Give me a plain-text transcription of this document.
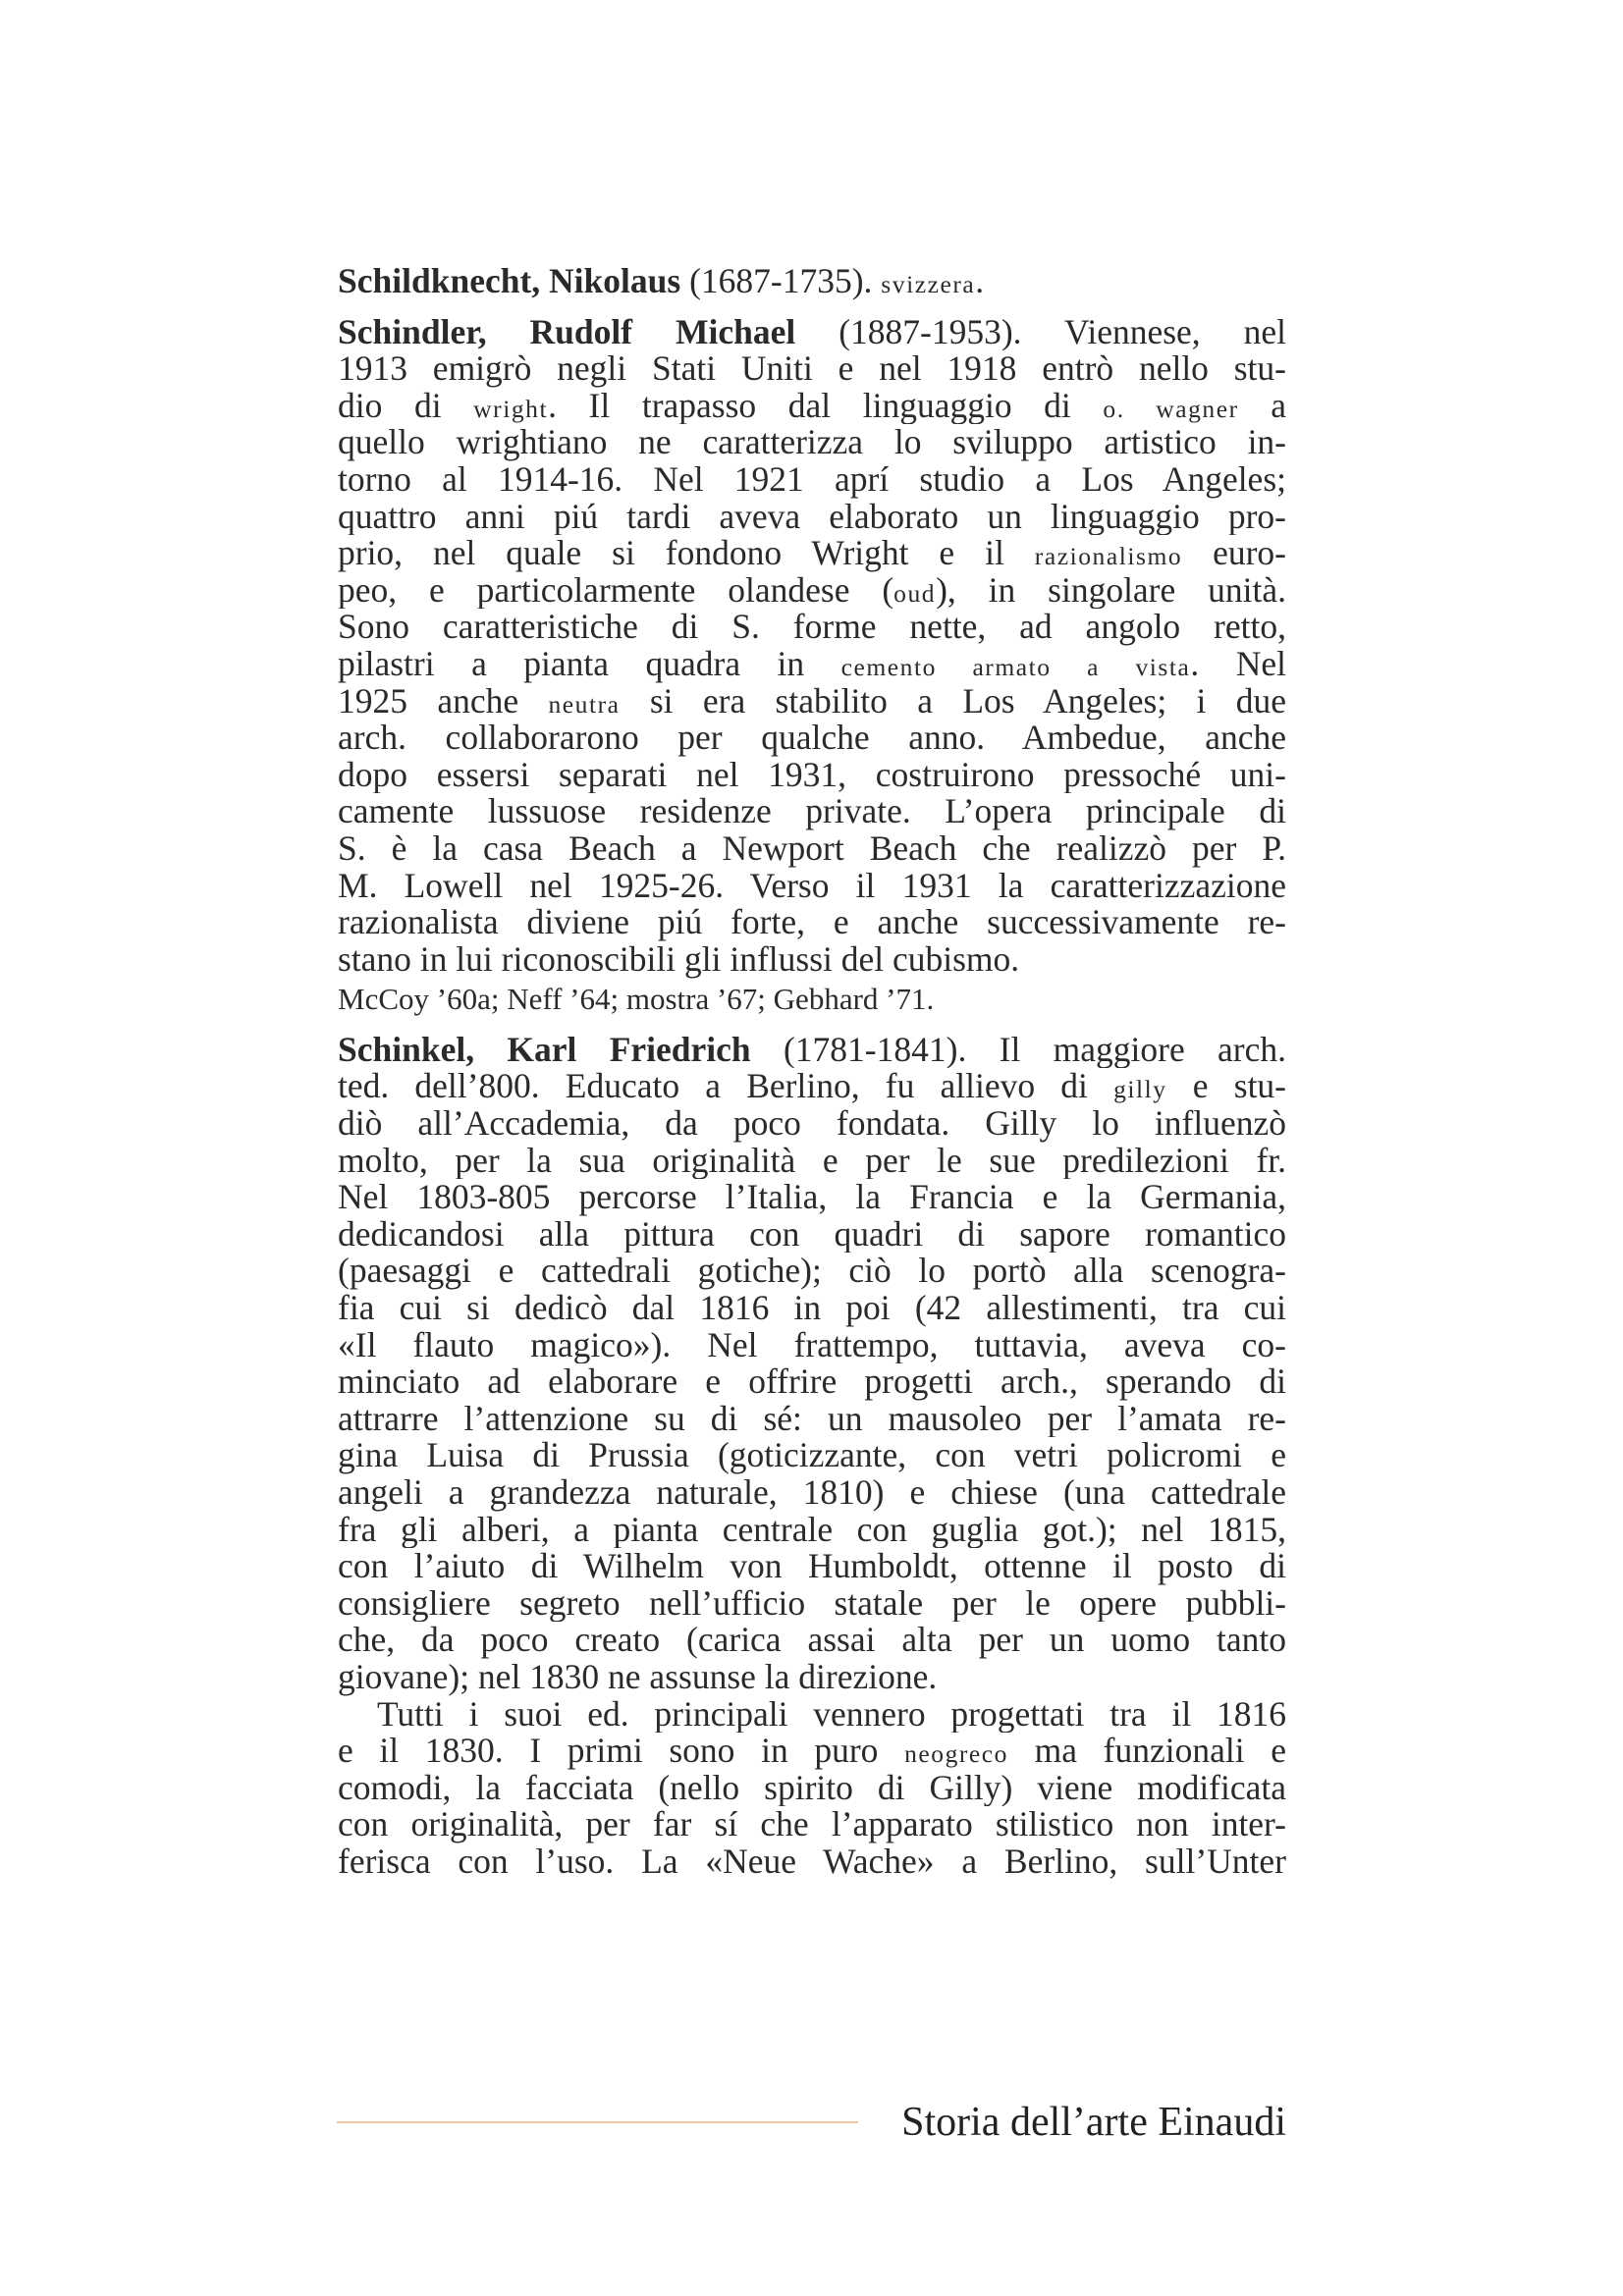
Schildknecht, Nikolaus (1687-1735). svizzera.
Schindler, Rudolf Michael (1887-1953). Viennese, nel
1913 emigrò negli Stati Uniti e nel 1918 entrò nello stu-
dio di wright. Il trapasso dal linguaggio di o. wagner a
quello wrightiano ne caratterizza lo sviluppo artistico in-
torno al 1914-16. Nel 1921 aprí studio a Los Angeles;
quattro anni piú tardi aveva elaborato un linguaggio pro-
prio, nel quale si fondono Wright e il razionalismo euro-
peo, e particolarmente olandese (oud), in singolare unità.
Sono caratteristiche di S. forme nette, ad angolo retto,
pilastri a pianta quadra in cemento armato a vista. Nel
1925 anche neutra si era stabilito a Los Angeles; i due
arch. collaborarono per qualche anno. Ambedue, anche
dopo essersi separati nel 1931, costruirono pressoché uni-
camente lussuose residenze private. L’opera principale di
S. è la casa Beach a Newport Beach che realizzò per P.
M. Lowell nel 1925-26. Verso il 1931 la caratterizzazione
razionalista diviene piú forte, e anche successivamente re-
stano in lui riconoscibili gli influssi del cubismo.
McCoy ’60a; Neff ’64; mostra ’67; Gebhard ’71.
Schinkel, Karl Friedrich (1781-1841). Il maggiore arch.
ted. dell’800. Educato a Berlino, fu allievo di gilly e stu-
diò all’Accademia, da poco fondata. Gilly lo influenzò
molto, per la sua originalità e per le sue predilezioni fr.
Nel 1803-805 percorse l’Italia, la Francia e la Germania,
dedicandosi alla pittura con quadri di sapore romantico
(paesaggi e cattedrali gotiche); ciò lo portò alla scenogra-
fia cui si dedicò dal 1816 in poi (42 allestimenti, tra cui
«Il flauto magico»). Nel frattempo, tuttavia, aveva co-
minciato ad elaborare e offrire progetti arch., sperando di
attrarre l’attenzione su di sé: un mausoleo per l’amata re-
gina Luisa di Prussia (goticizzante, con vetri policromi e
angeli a grandezza naturale, 1810) e chiese (una cattedrale
fra gli alberi, a pianta centrale con guglia got.); nel 1815,
con l’aiuto di Wilhelm von Humboldt, ottenne il posto di
consigliere segreto nell’ufficio statale per le opere pubbli-
che, da poco creato (carica assai alta per un uomo tanto
giovane); nel 1830 ne assunse la direzione.
Tutti i suoi ed. principali vennero progettati tra il 1816
e il 1830. I primi sono in puro neogreco ma funzionali e
comodi, la facciata (nello spirito di Gilly) viene modificata
con originalità, per far sí che l’apparato stilistico non inter-
ferisca con l’uso. La «Neue Wache» a Berlino, sull’Unter
Storia dell’arte Einaudi
